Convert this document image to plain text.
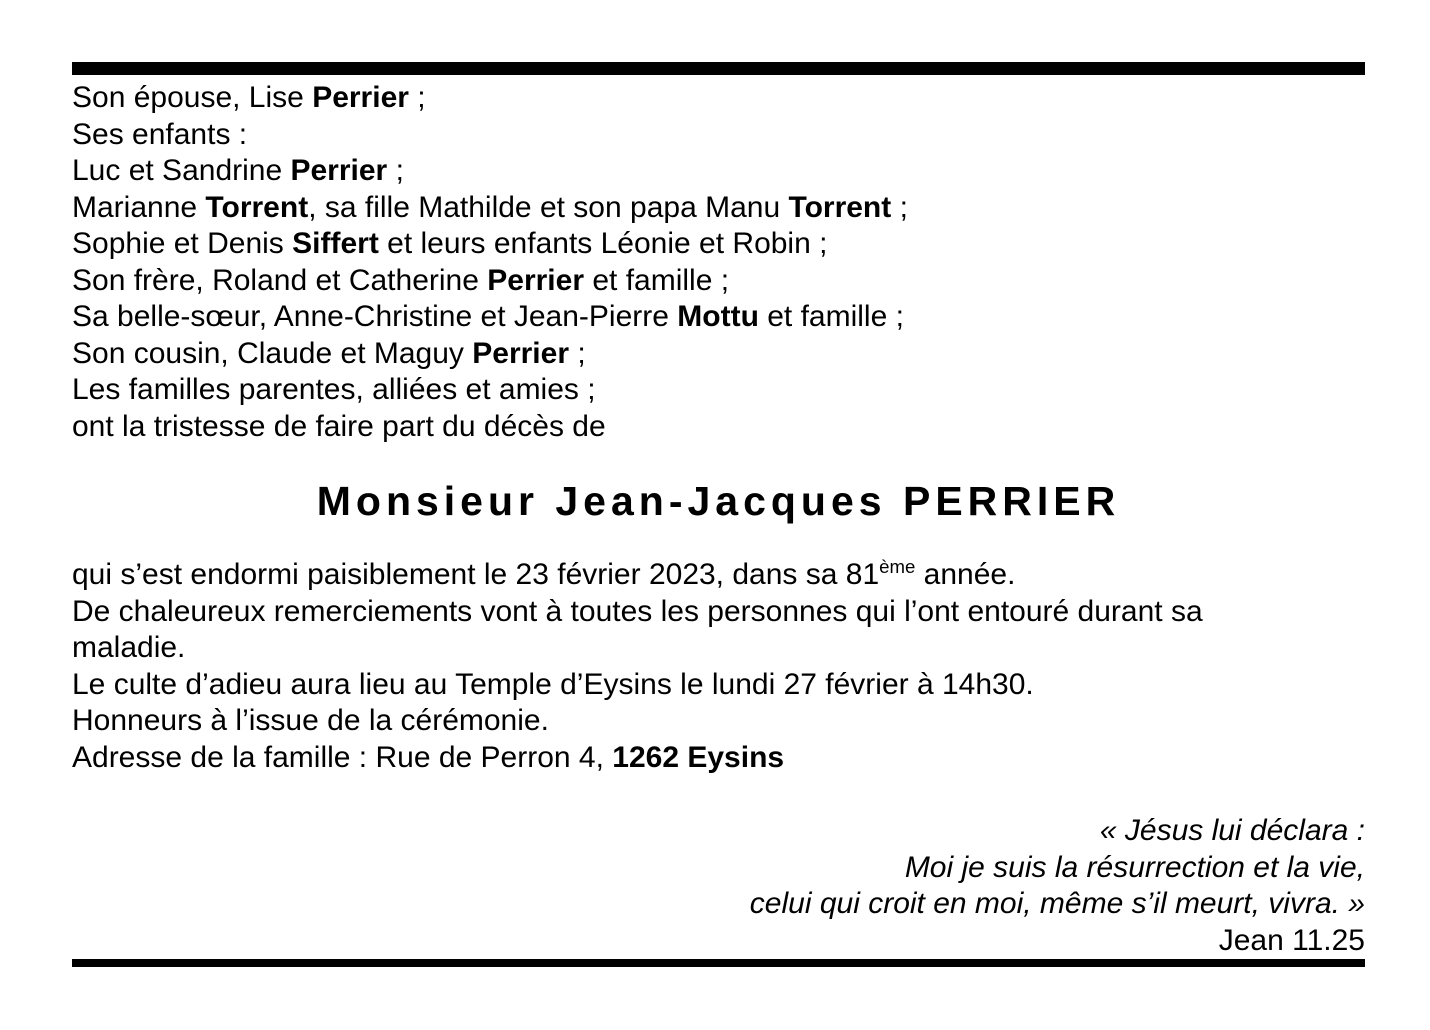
Son épouse, Lise Perrier ;
Ses enfants :
Luc et Sandrine Perrier ;
Marianne Torrent, sa fille Mathilde et son papa Manu Torrent ;
Sophie et Denis Siffert et leurs enfants Léonie et Robin ;
Son frère, Roland et Catherine Perrier et famille ;
Sa belle-sœur, Anne-Christine et Jean-Pierre Mottu et famille ;
Son cousin, Claude et Maguy Perrier ;
Les familles parentes, alliées et amies ;
ont la tristesse de faire part du décès de
Monsieur Jean-Jacques PERRIER
qui s’est endormi paisiblement le 23 février 2023, dans sa 81ème année.
De chaleureux remerciements vont à toutes les personnes qui l’ont entouré durant sa
maladie.
Le culte d’adieu aura lieu au Temple d’Eysins le lundi 27 février à 14h30.
Honneurs à l’issue de la cérémonie.
Adresse de la famille : Rue de Perron 4, 1262 Eysins
« Jésus lui déclara :
Moi je suis la résurrection et la vie,
celui qui croit en moi, même s’il meurt, vivra. »
Jean 11.25
